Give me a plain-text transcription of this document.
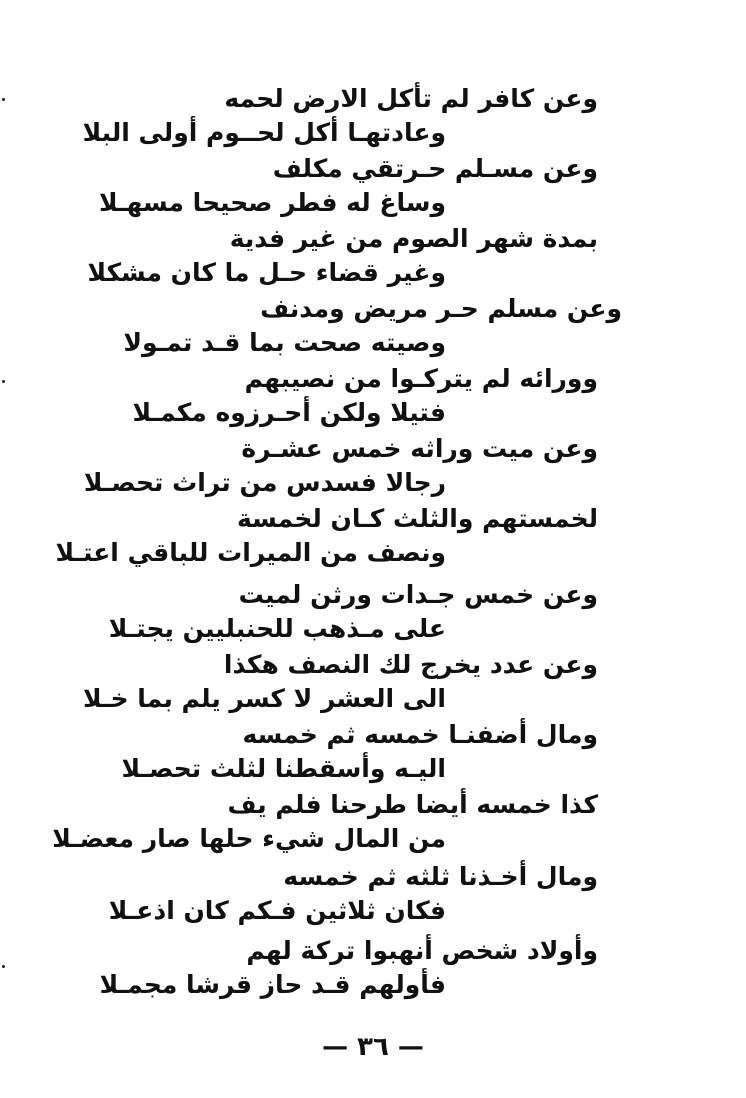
وعن كافر لم تأكل الارض لحمه
وعادتهـا أكل لحــوم أولى البلا
وعن مسـلم حـرتقي مكلف
وساغ له فطر صحيحا مسهـلا
بمدة شهر الصوم من غير فدية
وغير قضاء حـل ما كان مشكلا
وعن مسلم حـر مريض ومدنف
وصيته صحت بما قـد تمـولا
وورائه لم يتركـوا من نصيبهم
فتيلا ولكن أحـرزوه مكمـلا
وعن ميت وراثه خمس عشـرة
رجالا فسدس من تراث تحصـلا
لخمستهم والثلث كـان لخمسة
ونصف من الميرات للباقي اعتـلا
وعن خمس جـدات ورثن لميت
على مـذهب للحنبليين يجتـلا
وعن عدد يخرج لك النصف هكذا
الى العشر لا كسر يلم بما خـلا
ومال أضفنـا خمسه ثم خمسه
اليـه وأسقطنا لثلث تحصـلا
كذا خمسه أيضا طرحنا فلم يف
من المال شيء حلها صار معضـلا
ومال أخـذنا ثلثه ثم خمسه
فكان ثلاثين فـكم كان اذعـلا
وأولاد شخص أنهبوا تركة لهم
فأولهم قـد حاز قرشا مجمـلا
— ٣٦ —
